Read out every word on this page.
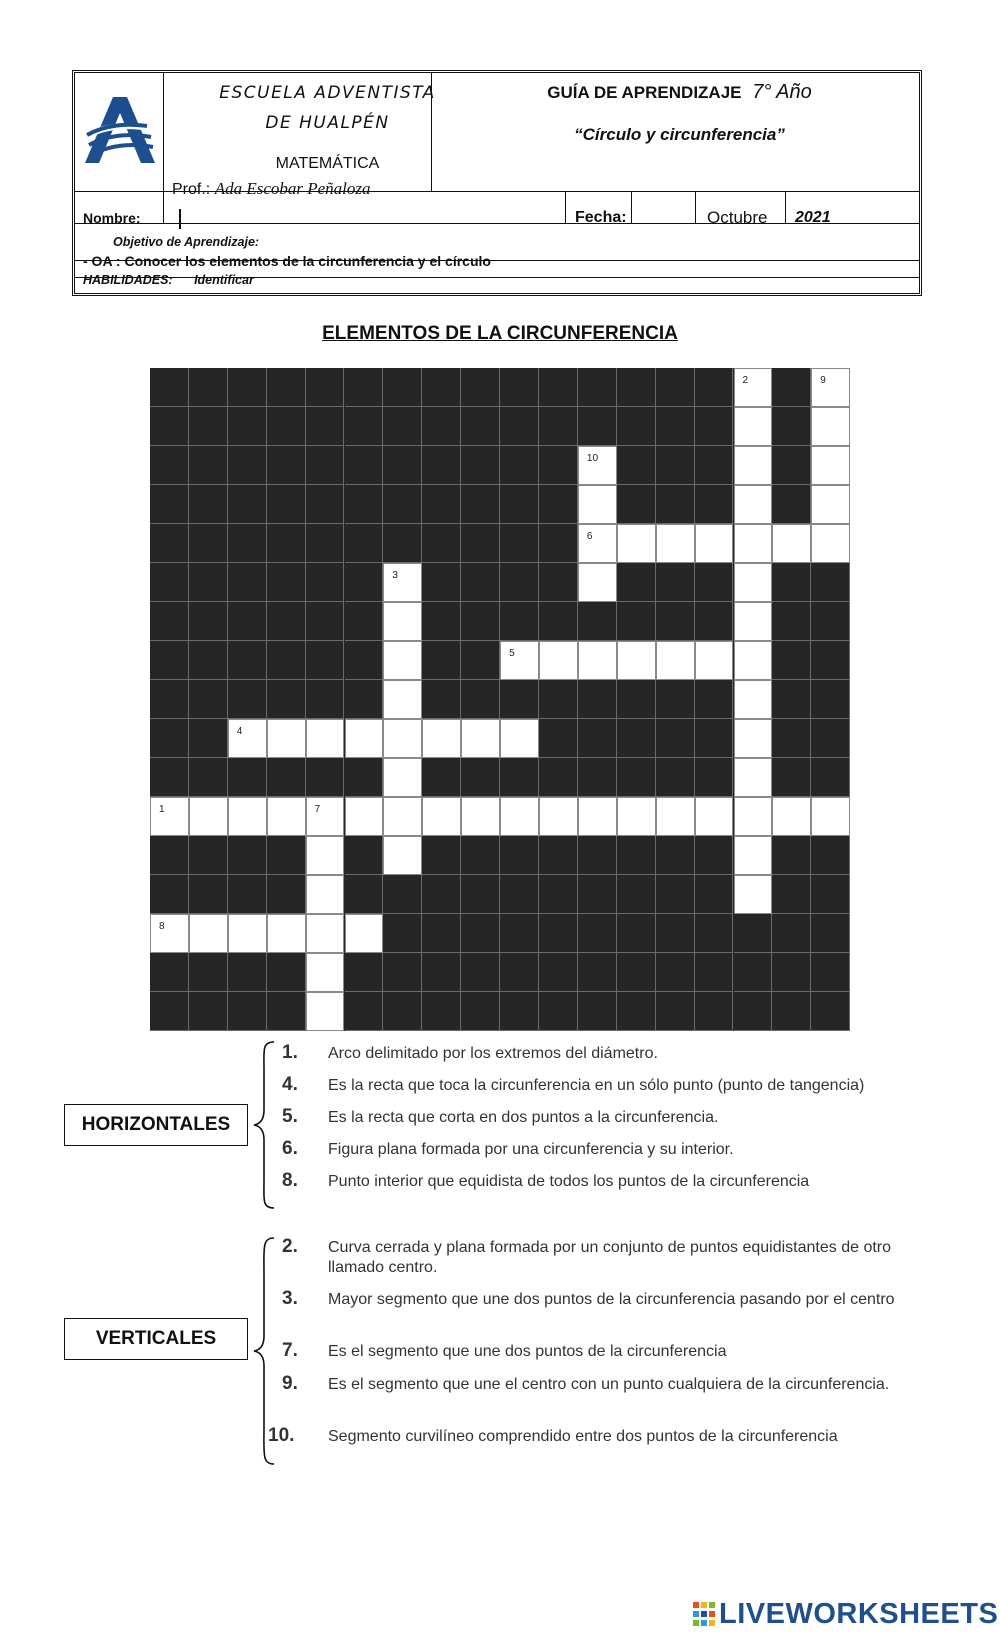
ESCUELA ADVENTISTA
DE HUALPÉN
MATEMÁTICA
Prof.: Ada Escobar Peñaloza
GUÍA DE APRENDIZAJE 7° Año
“Círculo y circunferencia”
Nombre:	Fecha:	Octubre 2021
Objetivo de Aprendizaje:
- OA : Conocer los elementos de la circunferencia y el círculo
HABILIDADES: Identificar
ELEMENTOS DE LA CIRCUNFERENCIA
2	9
10
6
3
5
4
1	7
8
HORIZONTALES
1. Arco delimitado por los extremos del diámetro.
4. Es la recta que toca la circunferencia en un sólo punto (punto de tangencia)
5. Es la recta que corta en dos puntos a la circunferencia.
6. Figura plana formada por una circunferencia y su interior.
8. Punto interior que equidista de todos los puntos de la circunferencia
VERTICALES
2. Curva cerrada y plana formada por un conjunto de puntos equidistantes de otro llamado centro.
3. Mayor segmento que une dos puntos de la circunferencia pasando por el centro
7. Es el segmento que une dos puntos de la circunferencia
9. Es el segmento que une el centro con un punto cualquiera de la circunferencia.
10. Segmento curvilíneo comprendido entre dos puntos de la circunferencia
LIVEWORKSHEETS
